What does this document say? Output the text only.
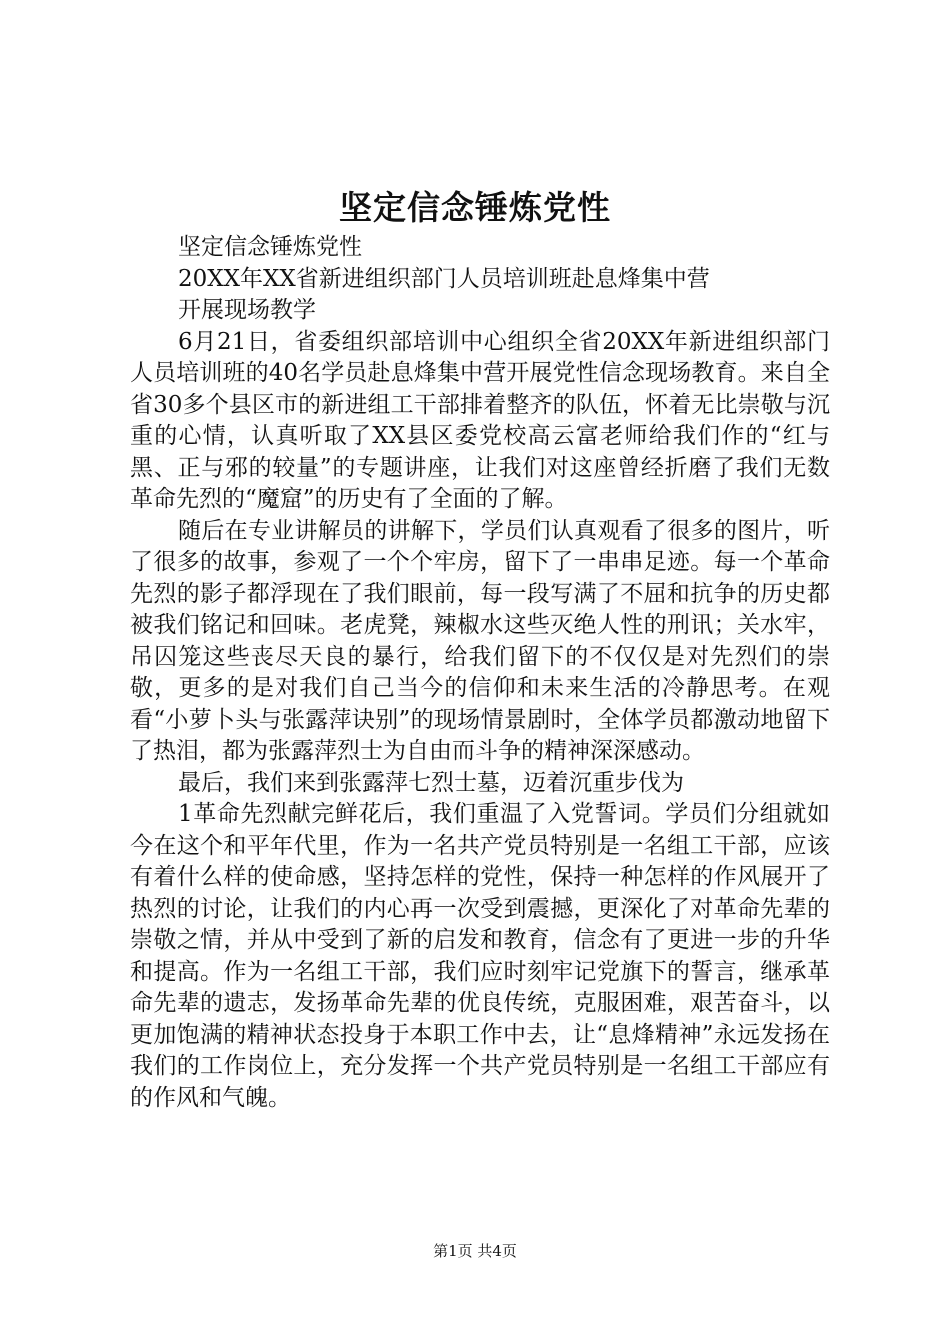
坚定信念锤炼党性

坚定信念锤炼党性

20XX年XX省新进组织部门人员培训班赴息烽集中营

开展现场教学

6月21日，省委组织部培训中心组织全省20XX年新进组织部门人员培训班的40名学员赴息烽集中营开展党性信念现场教育。来自全省30多个县区市的新进组工干部排着整齐的队伍，怀着无比崇敬与沉重的心情，认真听取了XX县区委党校高云富老师给我们作的“红与黑、正与邪的较量”的专题讲座，让我们对这座曾经折磨了我们无数革命先烈的“魔窟”的历史有了全面的了解。

随后在专业讲解员的讲解下，学员们认真观看了很多的图片，听了很多的故事，参观了一个个牢房，留下了一串串足迹。每一个革命先烈的影子都浮现在了我们眼前，每一段写满了不屈和抗争的历史都被我们铭记和回味。老虎凳，辣椒水这些灭绝人性的刑讯；关水牢，吊囚笼这些丧尽天良的暴行，给我们留下的不仅仅是对先烈们的崇敬，更多的是对我们自己当今的信仰和未来生活的冷静思考。在观看“小萝卜头与张露萍诀别”的现场情景剧时，全体学员都激动地留下了热泪，都为张露萍烈士为自由而斗争的精神深深感动。

最后，我们来到张露萍七烈士墓，迈着沉重步伐为

1革命先烈献完鲜花后，我们重温了入党誓词。学员们分组就如今在这个和平年代里，作为一名共产党员特别是一名组工干部，应该有着什么样的使命感，坚持怎样的党性，保持一种怎样的作风展开了热烈的讨论，让我们的内心再一次受到震撼，更深化了对革命先辈的崇敬之情，并从中受到了新的启发和教育，信念有了更进一步的升华和提高。作为一名组工干部，我们应时刻牢记党旗下的誓言，继承革命先辈的遗志，发扬革命先辈的优良传统，克服困难，艰苦奋斗，以更加饱满的精神状态投身于本职工作中去，让“息烽精神”永远发扬在我们的工作岗位上，充分发挥一个共产党员特别是一名组工干部应有的作风和气魄。

第1页 共4页
